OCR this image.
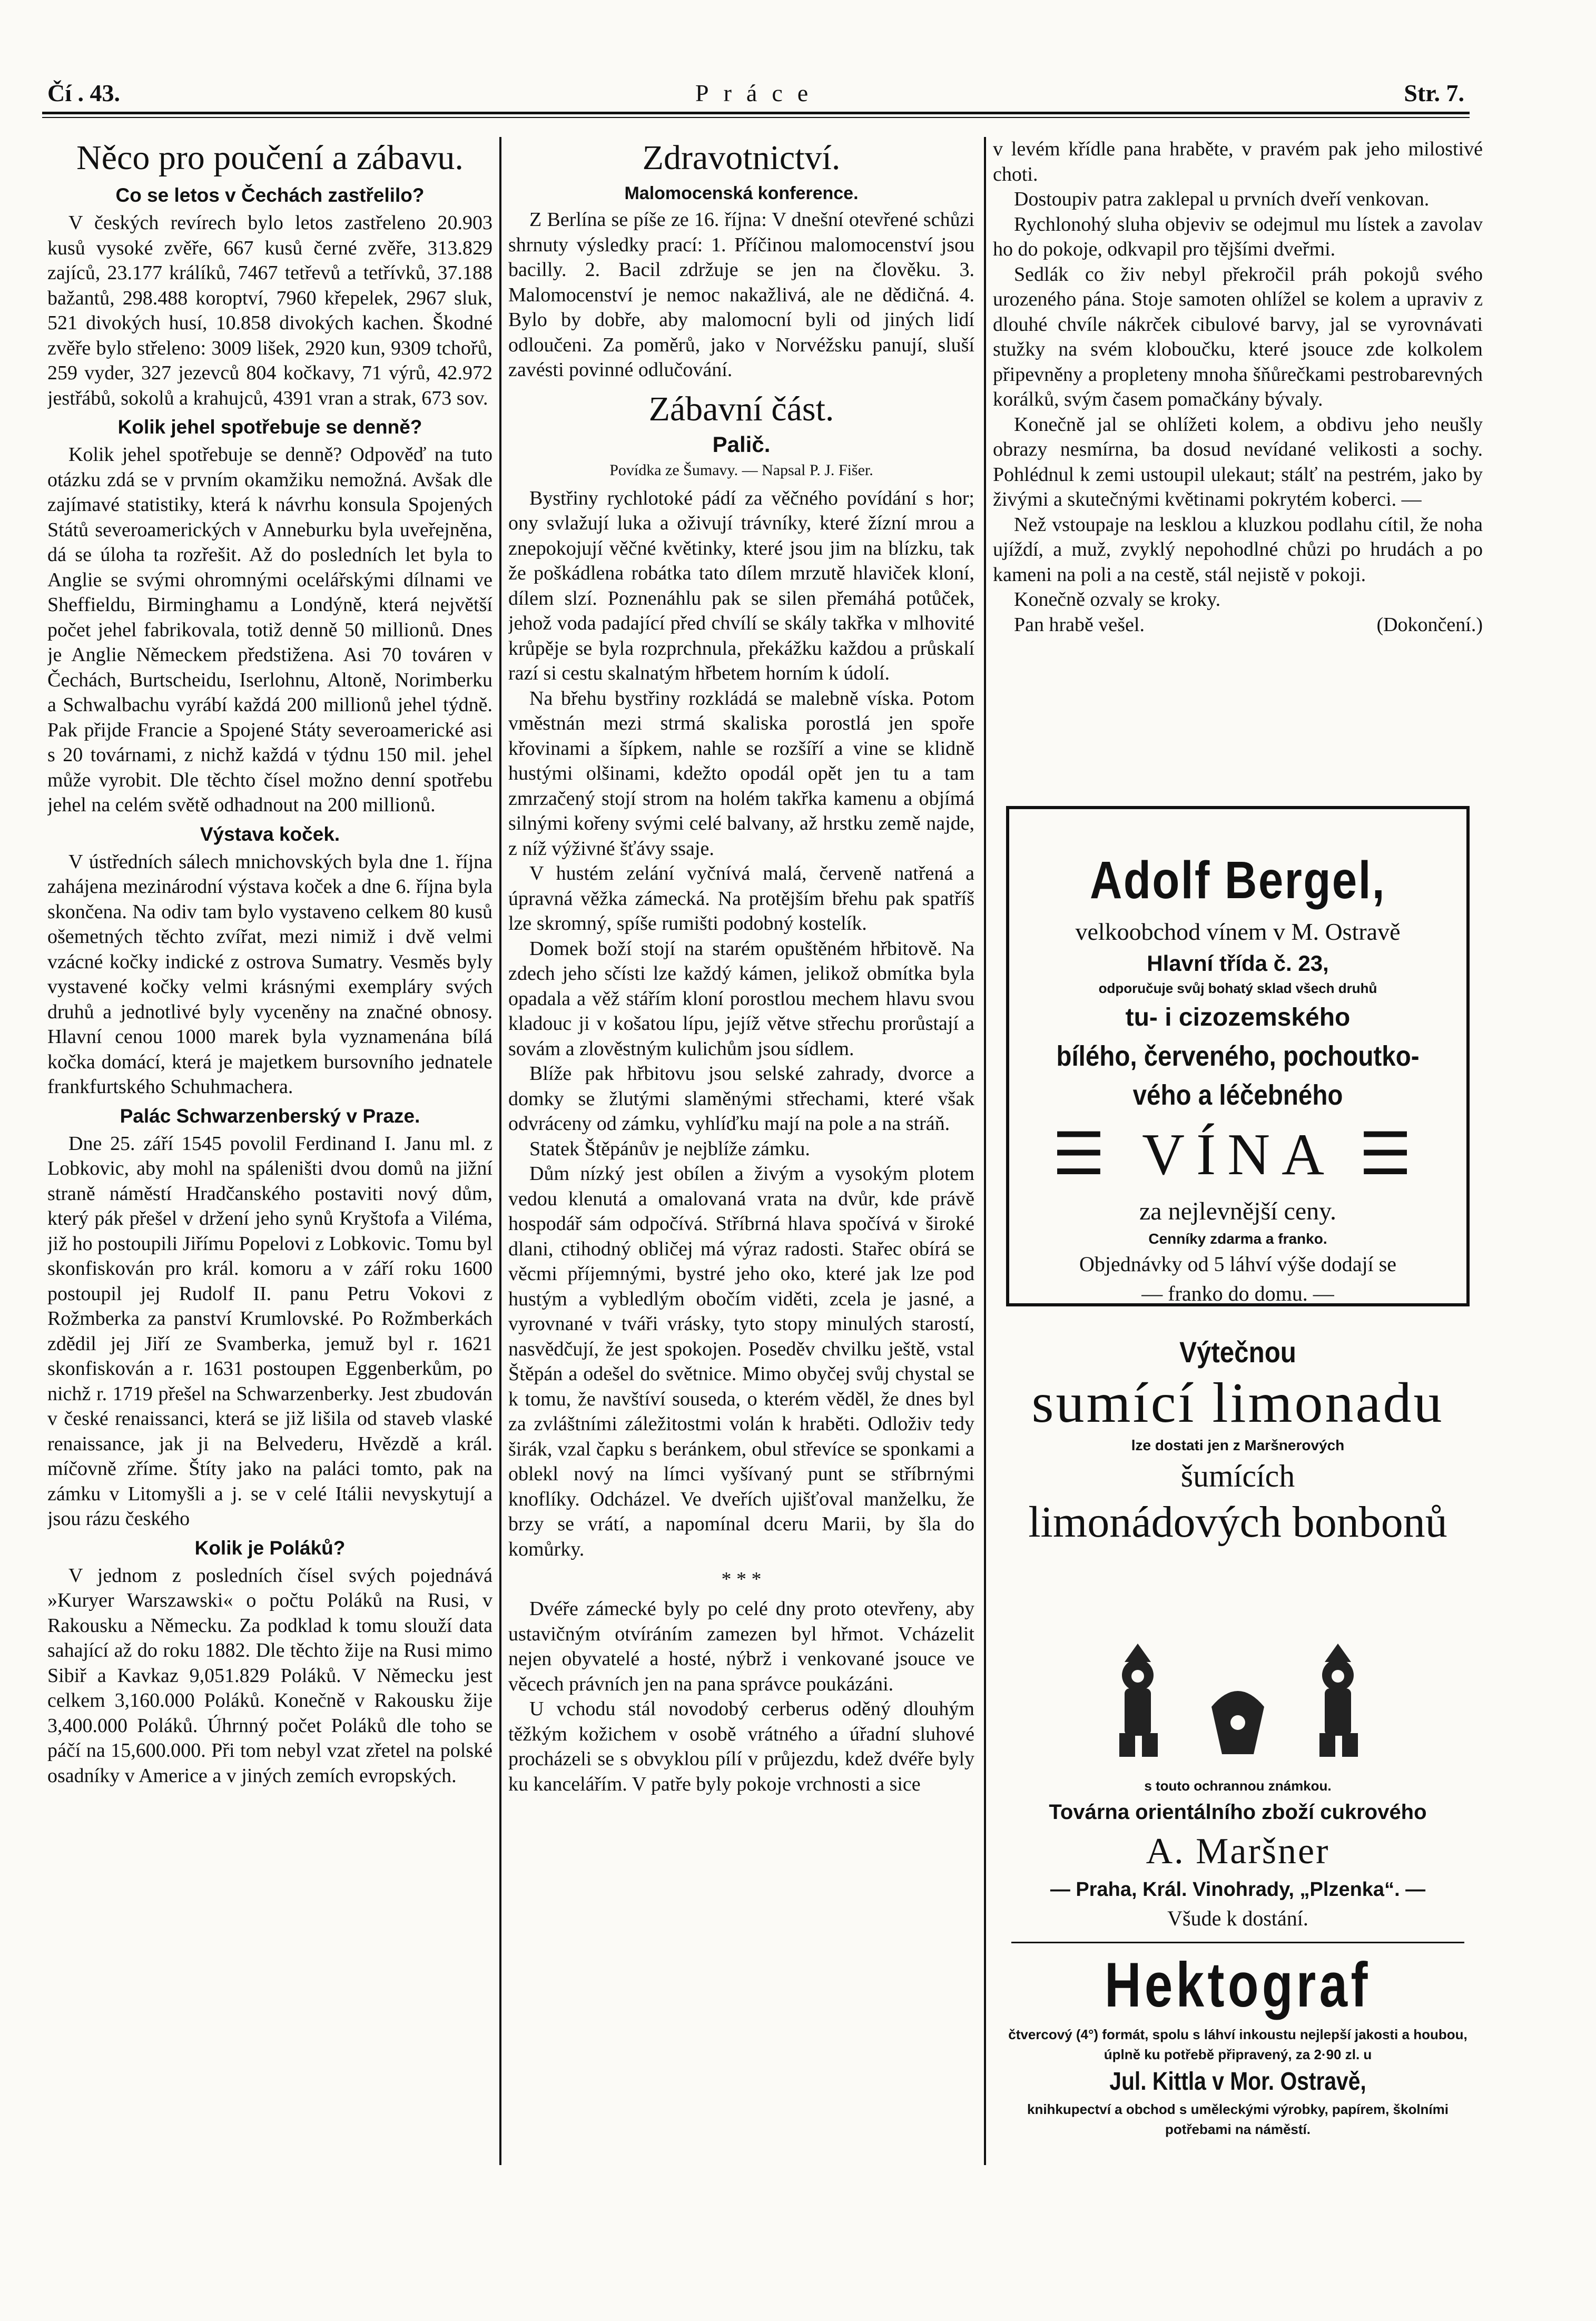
Čí . 43.	Práce	Str. 7.
Něco pro poučení a zábavu.
Co se letos v Čechách zastřelilo?

V českých revírech bylo letos zastřeleno 20.903 kusů vysoké zvěře, 667 kusů černé zvěře, 313.829 zajíců, 23.177 králíků, 7467 tetřevů a tetřívků, 37.188 bažantů, 298.488 koroptví, 7960 křepelek, 2967 sluk, 521 divokých husí, 10.858 divokých kachen. Škodné zvěře bylo střeleno: 3009 lišek, 2920 kun, 9309 tchořů, 259 vyder, 327 jezevců 804 kočkavy, 71 výrů, 42.972 jestřábů, sokolů a krahujců, 4391 vran a strak, 673 sov.

Kolik jehel spotřebuje se denně?

Kolik jehel spotřebuje se denně? Odpověď na tuto otázku zdá se v prvním okamžiku nemožná. Avšak dle zajímavé statistiky, která k návrhu konsula Spojených Států severoamerických v Anneburku byla uveřejněna, dá se úloha ta rozřešit. Až do posledních let byla to Anglie se svými ohromnými ocelářskými dílnami ve Sheffieldu, Birminghamu a Londýně, která největší počet jehel fabrikovala, totiž denně 50 millionů. Dnes je Anglie Německem předstižena. Asi 70 továren v Čechách, Burtscheidu, Iserlohnu, Altoně, Norimberku a Schwalbachu vyrábí každá 200 millionů jehel týdně. Pak přijde Francie a Spojené Státy severoamerické asi s 20 továrnami, z nichž každá v týdnu 150 mil. jehel může vyrobit. Dle těchto čísel možno denní spotřebu jehel na celém světě odhadnout na 200 millionů.

Výstava koček.

V ústředních sálech mnichovských byla dne 1. října zahájena mezinárodní výstava koček a dne 6. října byla skončena. Na odiv tam bylo vystaveno celkem 80 kusů ošemetných těchto zvířat, mezi nimiž i dvě velmi vzácné kočky indické z ostrova Sumatry. Vesměs byly vystavené kočky velmi krásnými exempláry svých druhů a jednotlivé byly vyceněny na značné obnosy. Hlavní cenou 1000 marek byla vyznamenána bílá kočka domácí, která je majetkem bursovního jednatele frankfurtského Schuhmachera.

Palác Schwarzenberský v Praze.

Dne 25. září 1545 povolil Ferdinand I. Janu ml. z Lobkovic, aby mohl na spáleništi dvou domů na jižní straně náměstí Hradčanského postaviti nový dům, který pák přešel v držení jeho synů Kryštofa a Viléma, již ho postoupili Jiřímu Popelovi z Lobkovic. Tomu byl skonfiskován pro král. komoru a v září roku 1600 postoupil jej Rudolf II. panu Petru Vokovi z Rožmberka za panství Krumlovské. Po Rožmberkách zdědil jej Jiří ze Svamberka, jemuž byl r. 1621 skonfiskován a r. 1631 postoupen Eggenberkům, po nichž r. 1719 přešel na Schwarzenberky. Jest zbudován v české renaissanci, která se již lišila od staveb vlaské renaissance, jak ji na Belvederu, Hvězdě a král. míčovně zříme. Štíty jako na paláci tomto, pak na zámku v Litomyšli a j. se v celé Itálii nevyskytují a jsou rázu českého

Kolik je Poláků?

V jednom z posledních čísel svých pojednává »Kuryer Warszawski« o počtu Poláků na Rusi, v Rakousku a Německu. Za podklad k tomu slouží data sahající až do roku 1882. Dle těchto žije na Rusi mimo Sibiř a Kavkaz 9,051.829 Poláků. V Německu jest celkem 3,160.000 Poláků. Konečně v Rakousku žije 3,400.000 Poláků. Úhrnný počet Poláků dle toho se páčí na 15,600.000. Při tom nebyl vzat zřetel na polské osadníky v Americe a v jiných zemích evropských.

Zdravotnictví.
Malomocenská konference.

Z Berlína se píše ze 16. října: V dnešní otevřené schůzi shrnuty výsledky prací: 1. Příčinou malomocenství jsou bacilly. 2. Bacil zdržuje se jen na člověku. 3. Malomocenství je nemoc nakažlivá, ale ne dědičná. 4. Bylo by dobře, aby malomocní byli od jiných lidí odloučeni. Za poměrů, jako v Norvéžsku panují, sluší zavésti povinné odlučování.

Zábavní část.
Palič.
Povídka ze Šumavy. — Napsal P. J. Fišer.

Bystřiny rychlotoké pádí za věčného povídání s hor; ony svlažují luka a oživují trávníky, které žízní mrou a znepokojují věčné květinky, které jsou jim na blízku, tak že poškádlena robátka tato dílem mrzutě hlaviček kloní, dílem slzí. Poznenáhlu pak se silen přemáhá potůček, jehož voda padající před chvílí se skály takřka v mlhovité krůpěje se byla rozprchnula, překážku každou a průskalí razí si cestu skalnatým hřbetem horním k údolí.

Na břehu bystřiny rozkládá se malebně víska. Potom vměstnán mezi strmá skaliska porostlá jen spoře křovinami a šípkem, nahle se rozšíří a vine se klidně hustými olšinami, kdežto opodál opět jen tu a tam zmrzačený stojí strom na holém takřka kamenu a objímá silnými kořeny svými celé balvany, až hrstku země najde, z níž výživné šťávy ssaje.

V hustém zelání vyčnívá malá, červeně natřená a úpravná věžka zámecká. Na protějším břehu pak spatříš lze skromný, spíše rumišti podobný kostelík.

Domek boží stojí na starém opuštěném hřbitově. Na zdech jeho sčísti lze každý kámen, jelikož obmítka byla opadala a věž stářím kloní porostlou mechem hlavu svou kladouc ji v košatou lípu, jejíž větve střechu prorůstají a sovám a zlověstným kulichům jsou sídlem.

Blíže pak hřbitovu jsou selské zahrady, dvorce a domky se žlutými slaměnými střechami, které však odvráceny od zámku, vyhlíďku mají na pole a na stráň.

Statek Štěpánův je nejblíže zámku.

Dům nízký jest obílen a živým a vysokým plotem vedou klenutá a omalovaná vrata na dvůr, kde právě hospodář sám odpočívá. Stříbrná hlava spočívá v široké dlani, ctihodný obličej má výraz radosti. Stařec obírá se věcmi příjemnými, bystré jeho oko, které jak lze pod hustým a vybledlým obočím viděti, zcela je jasné, a vyrovnané v tváři vrásky, tyto stopy minulých starostí, nasvědčují, že jest spokojen. Poseděv chvilku ještě, vstal Štěpán a odešel do světnice. Mimo obyčej svůj chystal se k tomu, že navštíví souseda, o kterém věděl, že dnes byl za zvláštními záležitostmi volán k hraběti. Odloživ tedy širák, vzal čapku s beránkem, obul střevíce se sponkami a oblekl nový na límci vyšívaný punt se stříbrnými knoflíky. Odcházel. Ve dveřích ujišťoval manželku, že brzy se vrátí, a napomínal dceru Marii, by šla do komůrky.

* * *

Dvéře zámecké byly po celé dny proto otevřeny, aby ustavičným otvíráním zamezen byl hřmot. Vcházelit nejen obyvatelé a hosté, nýbrž i venkované jsouce ve věcech právních jen na pana správce poukázáni.

U vchodu stál novodobý cerberus oděný dlouhým těžkým kožichem v osobě vrátného a úřadní sluhové procházeli se s obvyklou pílí v průjezdu, kdež dvéře byly ku kancelářím. V patře byly pokoje vrchnosti a sice

v levém křídle pana hraběte, v pravém pak jeho milostivé choti.

Dostoupiv patra zaklepal u prvních dveří venkovan.

Rychlonohý sluha objeviv se odejmul mu lístek a zavolav ho do pokoje, odkvapil pro tějšími dveřmi.

Sedlák co živ nebyl překročil práh pokojů svého urozeného pána. Stoje samoten ohlížel se kolem a upraviv z dlouhé chvíle nákrček cibulové barvy, jal se vyrovnávati stužky na svém kloboučku, které jsouce zde kolkolem připevněny a propleteny mnoha šňůrečkami pestrobarevných korálků, svým časem pomačkány bývaly.

Konečně jal se ohlížeti kolem, a obdivu jeho neušly obrazy nesmírna, ba dosud nevídané velikosti a sochy. Pohlédnul k zemi ustoupil ulekaut; stálť na pestrém, jako by živými a skutečnými květinami pokrytém koberci. —

Než vstoupaje na lesklou a kluzkou podlahu cítil, že noha ujíždí, a muž, zvyklý nepohodlné chůzi po hrudách a po kameni na poli a na cestě, stál nejistě v pokoji.

Konečně ozvaly se kroky.

Pan hrabě vešel.	(Dokončení.)
Adolf Bergel,
velkoobchod vínem v M. Ostravě
Hlavní třída č. 23,
odporučuje svůj bohatý sklad všech druhů
tu- i cizozemského
bílého, červeného, pochoutko-
vého a léčebného
☰ VÍNA ☰
za nejlevnější ceny.
Cenníky zdarma a franko.
Objednávky od 5 láhví výše dodají se
— franko do domu. —
Výtečnou
sumící limonadu
lze dostati jen z Maršnerových
šumících
limonádových bonbonů
s touto ochrannou známkou.
Továrna orientálního zboží cukrového
A. Maršner
— Praha, Král. Vinohrady, „Plzenka“. —
Všude k dostání.
Hektograf
čtvercový (4°) formát, spolu s láhví inkoustu nejlepší jakosti a houbou, úplně ku potřebě připravený, za 2·90 zl. u
Jul. Kittla v Mor. Ostravě,
knihkupectví a obchod s uměleckými výrobky, papírem, školními potřebami na náměstí.
